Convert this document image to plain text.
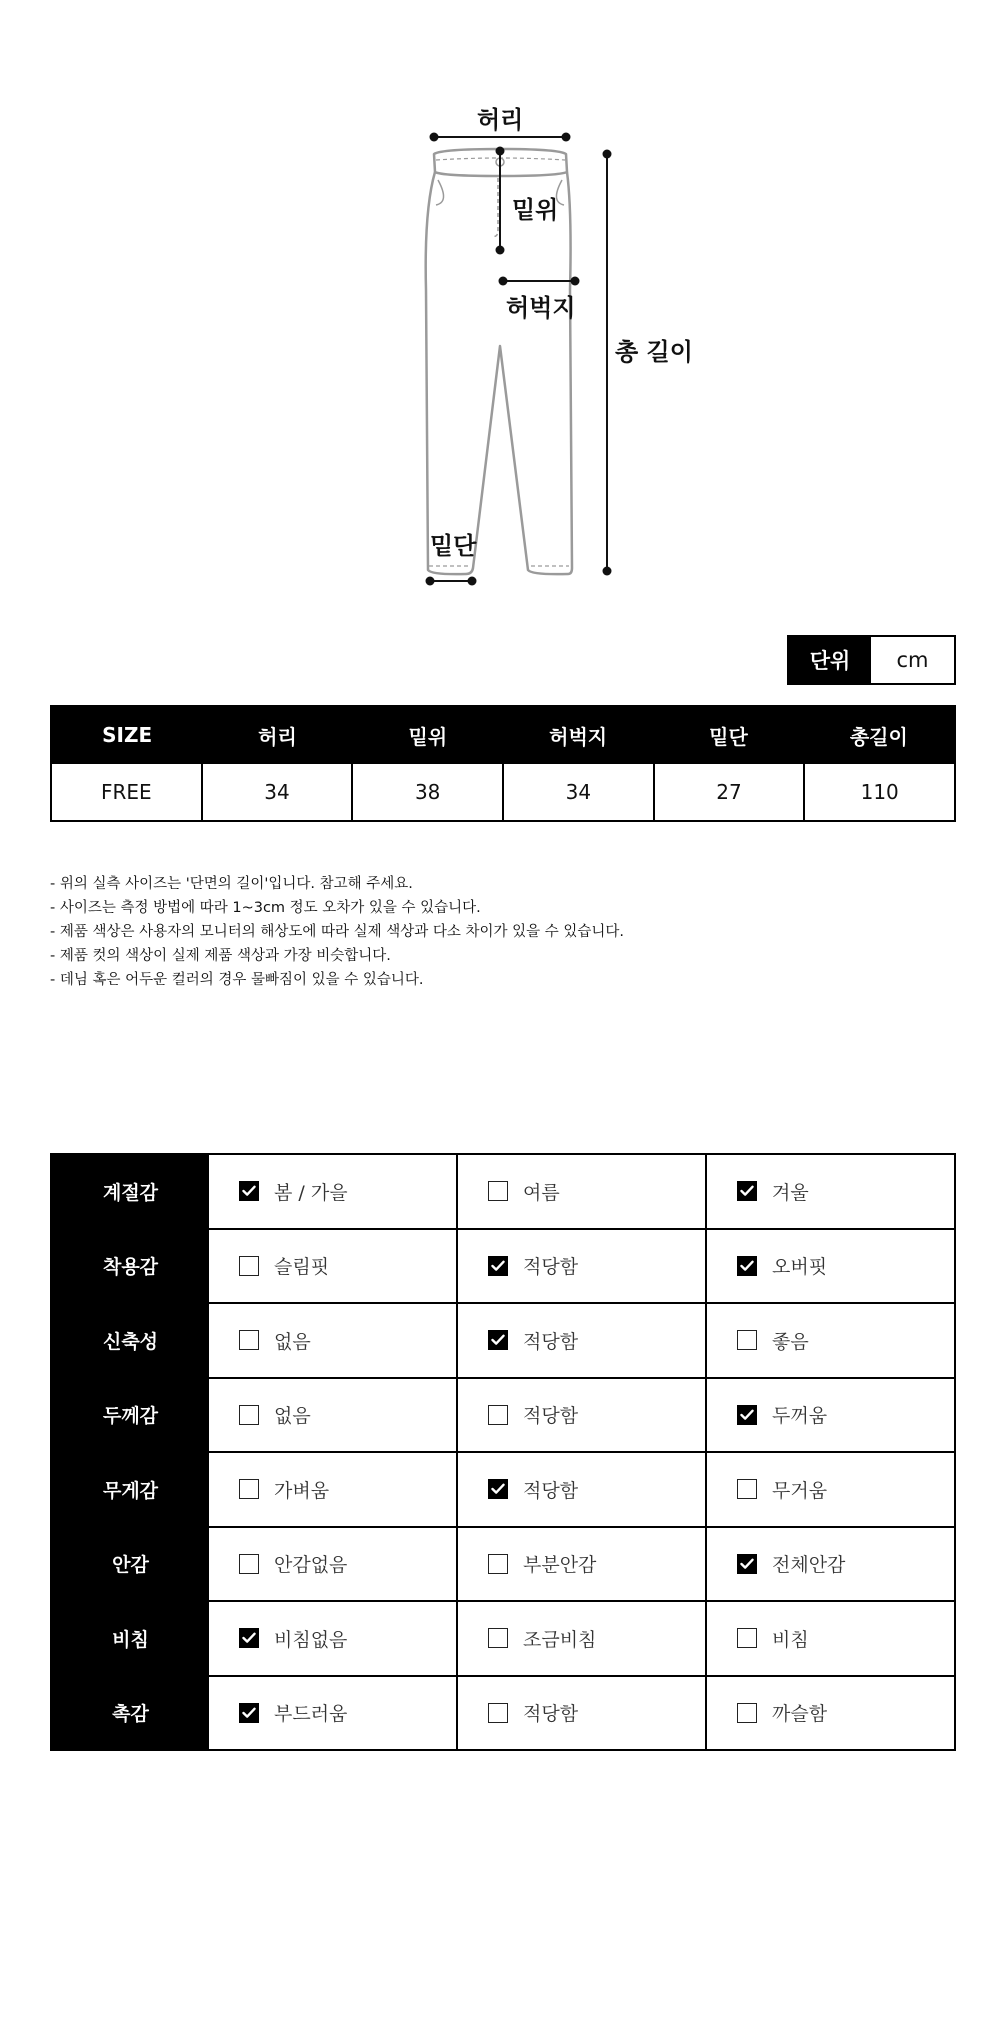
허리
밑위
허벅지
총 길이
밑단
단위	cm
SIZE	허리	밑위	허벅지	밑단	총길이
FREE	34	38	34	27	110
- 위의 실측 사이즈는 '단면의 길이'입니다. 참고해 주세요.
- 사이즈는 측정 방법에 따라 1~3cm 정도 오차가 있을 수 있습니다.
- 제품 색상은 사용자의 모니터의 해상도에 따라 실제 색상과 다소 차이가 있을 수 있습니다.
- 제품 컷의 색상이 실제 제품 색상과 가장 비슷합니다.
- 데님 혹은 어두운 컬러의 경우 물빠짐이 있을 수 있습니다.
계절감	봄 / 가을	여름	겨울
착용감	슬림핏	적당함	오버핏
신축성	없음	적당함	좋음
두께감	없음	적당함	두꺼움
무게감	가벼움	적당함	무거움
안감	안감없음	부분안감	전체안감
비침	비침없음	조금비침	비침
촉감	부드러움	적당함	까슬함
